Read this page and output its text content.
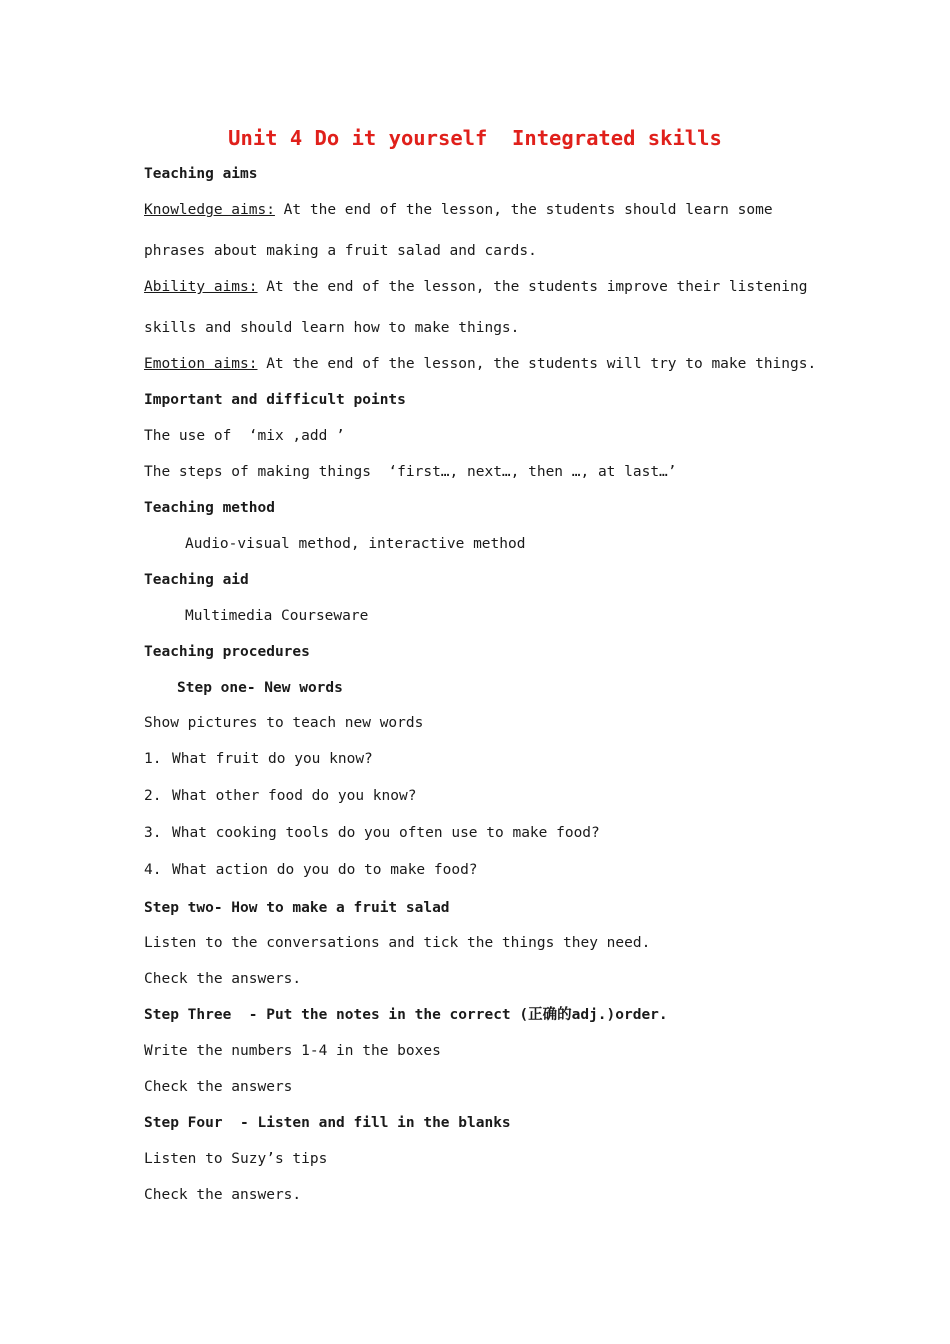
Unit 4 Do it yourself  Integrated skills
Teaching aims
Knowledge aims: At the end of the lesson, the students should learn some
phrases about making a fruit salad and cards.
Ability aims: At the end of the lesson, the students improve their listening
skills and should learn how to make things.
Emotion aims: At the end of the lesson, the students will try to make things.
Important and difficult points
The use of  ‘mix ,add ’
The steps of making things  ‘first…, next…, then …, at last…’
Teaching method
Audio-visual method, interactive method
Teaching aid
Multimedia Courseware
Teaching procedures
Step one- New words
Show pictures to teach new words
1. What fruit do you know?
2. What other food do you know?
3. What cooking tools do you often use to make food?
4. What action do you do to make food?
Step two- How to make a fruit salad
Listen to the conversations and tick the things they need.
Check the answers.
Step Three  - Put the notes in the correct (正确的adj.)order.
Write the numbers 1-4 in the boxes
Check the answers
Step Four  - Listen and fill in the blanks
Listen to Suzy’s tips
Check the answers.
